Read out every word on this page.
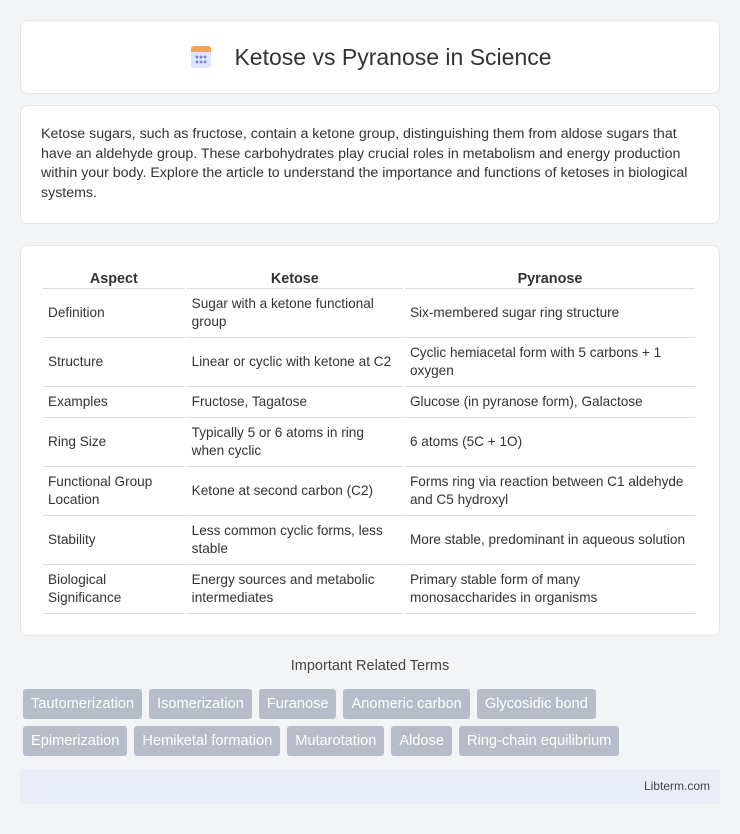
Ketose vs Pyranose in Science

Ketose sugars, such as fructose, contain a ketone group, distinguishing them from aldose sugars that have an aldehyde group. These carbohydrates play crucial roles in metabolism and energy production within your body. Explore the article to understand the importance and functions of ketoses in biological systems.

Aspect	Ketose	Pyranose
Definition	Sugar with a ketone functional group	Six-membered sugar ring structure
Structure	Linear or cyclic with ketone at C2	Cyclic hemiacetal form with 5 carbons + 1 oxygen
Examples	Fructose, Tagatose	Glucose (in pyranose form), Galactose
Ring Size	Typically 5 or 6 atoms in ring when cyclic	6 atoms (5C + 1O)
Functional Group Location	Ketone at second carbon (C2)	Forms ring via reaction between C1 aldehyde and C5 hydroxyl
Stability	Less common cyclic forms, less stable	More stable, predominant in aqueous solution
Biological Significance	Energy sources and metabolic intermediates	Primary stable form of many monosaccharides in organisms
Important Related Terms
Tautomerization	Isomerization	Furanose	Anomeric carbon	Glycosidic bond
Epimerization	Hemiketal formation	Mutarotation	Aldose	Ring-chain equilibrium
Libterm.com
